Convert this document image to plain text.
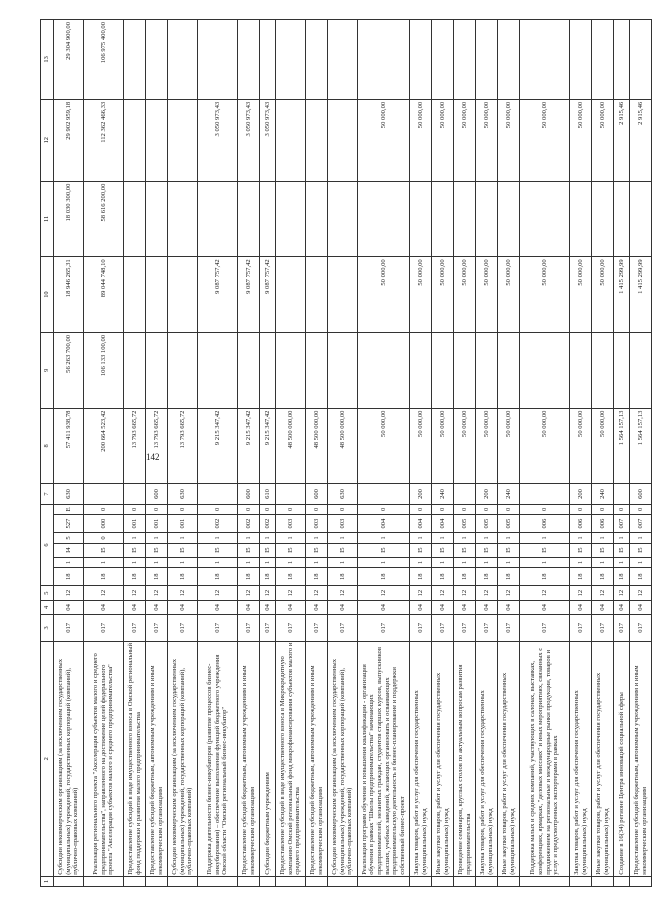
142
1	2	3	4	5	6						7	8	9	10	11	12	13
	Субсидии некоммерческим организациям (за исключением государственных (муниципальных) учреждений, государственных корпораций (компаний), публично-правовых компаний)	017	04	12	18	1	I4	5	527	Е	630	57 411 938,78	56 263 700,00	18 946 265,31	18 030 300,00	29 902 959,18	29 304 900,00
	Реализация регионального проекта "Акселерация субъектов малого и среднего предпринимательства", направленного на достижение целей федерального проекта "Акселерация субъектов малого и среднего предпринимательства"	017	04	12	18	1	I5	0	000	0		200 664 523,42	106 133 100,00	89 044 748,10	58 616 200,00	112 362 466,33	106 975 400,00
	Предоставление субсидий в виде имущественного взноса в Омской региональный фонд поддержки и развития малого предпринимательства	017	04	12	18	1	I5	1	001	0		13 793 665,72					
	Предоставление субсидий бюджетным, автономным учреждениям и иным некоммерческим организациям	017	04	12	18	1	I5	1	001	0	600	13 793 665,72					
	Субсидии некоммерческим организациям (за исключением государственных (муниципальных) учреждений, государственных корпораций (компаний), публично-правовых компаний)	017	04	12	18	1	I5	1	001	0	630	13 793 665,72					
	Поддержка деятельности бизнес-инкубаторов (развитие процессов бизнес-инкубирования) – обеспечение выполнения функций бюджетного учреждения Омской области "Омский региональный бизнес-инкубатор"	017	04	12	18	1	I5	1	002	0		9 215 347,42		9 087 757,42		3 050 973,43	
	Предоставление субсидий бюджетным, автономным учреждениям и иным некоммерческим организациям	017	04	12	18	1	I5	1	002	0	600	9 215 347,42		9 087 757,42		3 050 973,43	
	Субсидии бюджетным учреждениям	017	04	12	18	1	I5	1	002	0	610	9 215 347,42		9 087 757,42		3 050 973,43	
	Предоставление субсидий в виде имущественного взноса в Микрокредитную компанию Омский региональный фонд микрофинансирования субъектов малого и среднего предпринимательства	017	04	12	18	1	I5	1	003	0		48 500 000,00					
	Предоставление субсидий бюджетным, автономным учреждениям и иным некоммерческим организациям	017	04	12	18	1	I5	1	003	0	600	48 500 000,00					
	Субсидии некоммерческим организациям (за исключением государственных (муниципальных) учреждений, государственных корпораций (компаний), публично-правовых компаний)	017	04	12	18	1	I5	1	003	0	630	48 500 000,00					
	Реализация программ обучения и повышения квалификации - организация обучения в рамках "Школы предпринимательства" начинающих предпринимателей, незанятых граждан, студентов старших курсов, выпускников высших, учебных заведений, желающих организовать и осваивающих предпринимательскую деятельность и бизнес-планирование и поддержки собственный бизнес-проект	017	04	12	18	1	I5	1	004	0		50 000,00		50 000,00		50 000,00	
	Закупка товаров, работ и услуг для обеспечения государственных (муниципальных) нужд	017	04	12	18	1	I5	1	004	0	200	50 000,00		50 000,00		50 000,00	
	Иные закупки товаров, работ и услуг для обеспечения государственных (муниципальных) нужд	017	04	12	18	1	I5	1	004	0	240	50 000,00		50 000,00		50 000,00	
	Проведение семинаров, круглых столов по актуальным вопросам развития предпринимательства	017	04	12	18	1	I5	1	005	0		50 000,00		50 000,00		50 000,00	
	Закупка товаров, работ и услуг для обеспечения государственных (муниципальных) нужд	017	04	12	18	1	I5	1	005	0	200	50 000,00		50 000,00		50 000,00	
	Иные закупки товаров, работ и услуг для обеспечения государственных (муниципальных) нужд	017	04	12	18	1	I5	1	005	0	240	50 000,00		50 000,00		50 000,00	
	Поддержка малых и средних компаний, участвующих в салонах, выставках, конференциях, ярмарках, "деловых миссиях" и иных мероприятиях, связанных с продвижением на региональные и международные рынки продукции, товаров и услуг и предусмотренных экспортерами в рамках	017	04	12	18	1	I5	1	006	0		50 000,00		50 000,00		50 000,00	
	Закупка товаров, работ и услуг для обеспечения государственных (муниципальных) нужд	017	04	12	18	1	I5	1	006	0	200	50 000,00		50 000,00		50 000,00	
	Иные закупки товаров, работ и услуг для обеспечения государственных (муниципальных) нужд	017	04	12	18	1	I5	1	006	0	240	50 000,00		50 000,00		50 000,00	
	Создание в 16(34) регионе Центра инноваций социальной сферы	017	04	12	18	1	I5	1	007	0		1 564 157,13		1 415 299,99		2 915,46	
	Предоставление субсидий бюджетным, автономным учреждениям и иным некоммерческим организациям	017	04	12	18	1	I5	1	007	0	600	1 564 157,13		1 415 299,99		2 915,46	
